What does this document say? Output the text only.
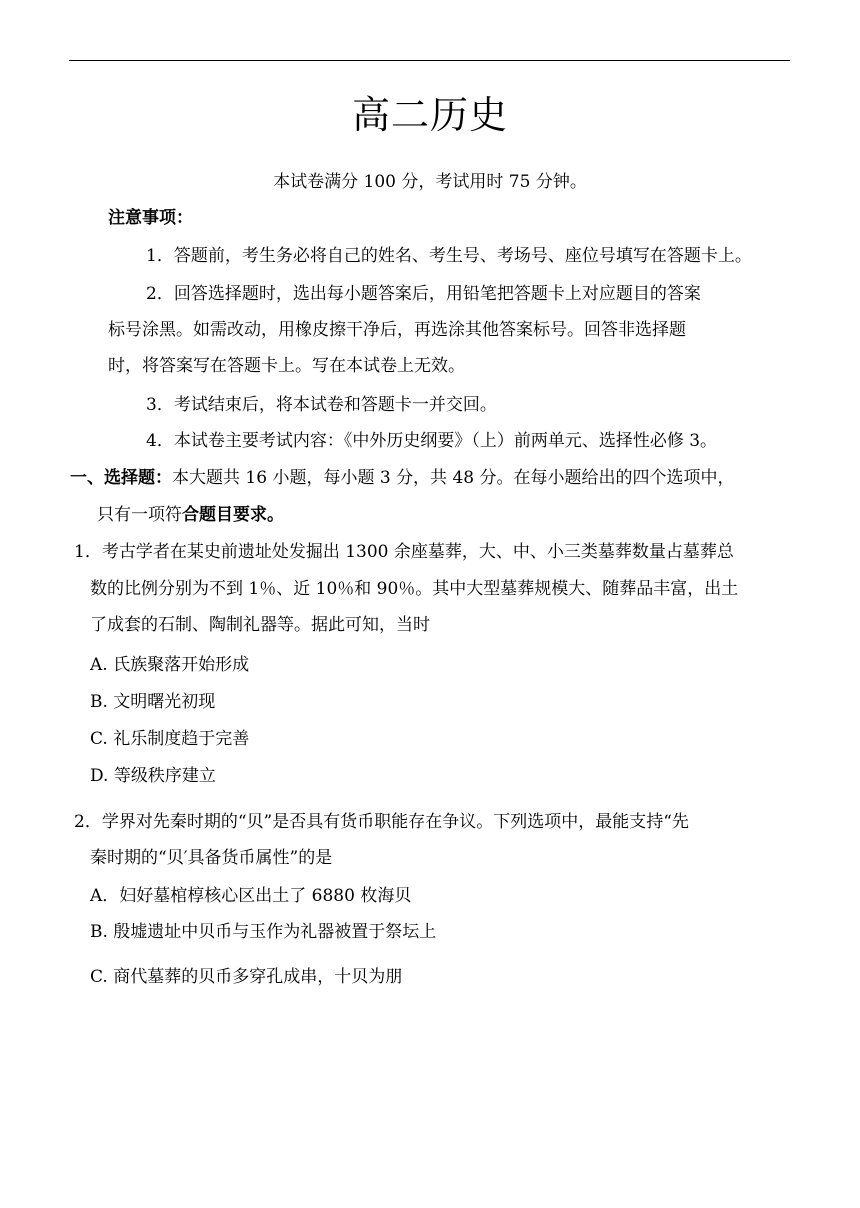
高二历史
本试卷满分 100 分，考试用时 75 分钟。
注意事项：
1．答题前，考生务必将自己的姓名、考生号、考场号、座位号填写在答题卡上。
2．回答选择题时，选出每小题答案后，用铅笔把答题卡上对应题目的答案
标号涂黑。如需改动，用橡皮擦干净后，再选涂其他答案标号。回答非选择题
时，将答案写在答题卡上。写在本试卷上无效。
3．考试结束后，将本试卷和答题卡一并交回。
4．本试卷主要考试内容：《中外历史纲要》（上）前两单元、选择性必修 3。
一、选择题：本大题共 16 小题，每小题 3 分，共 48 分。在每小题给出的四个选项中，
只有一项符合题目要求。
1．考古学者在某史前遗址处发掘出 1300 余座墓葬，大、中、小三类墓葬数量占墓葬总
数的比例分别为不到 1％、近 10％和 90％。其中大型墓葬规模大、随葬品丰富，出土
了成套的石制、陶制礼器等。据此可知，当时
A. 氏族聚落开始形成
B. 文明曙光初现
C. 礼乐制度趋于完善
D. 等级秩序建立
2．学界对先秦时期的“贝”是否具有货币职能存在争议。下列选项中，最能支持“先
秦时期的“贝′具备货币属性”的是
A．妇好墓棺椁核心区出土了 6880 枚海贝
B. 殷墟遗址中贝币与玉作为礼器被置于祭坛上
C. 商代墓葬的贝币多穿孔成串，十贝为朋
